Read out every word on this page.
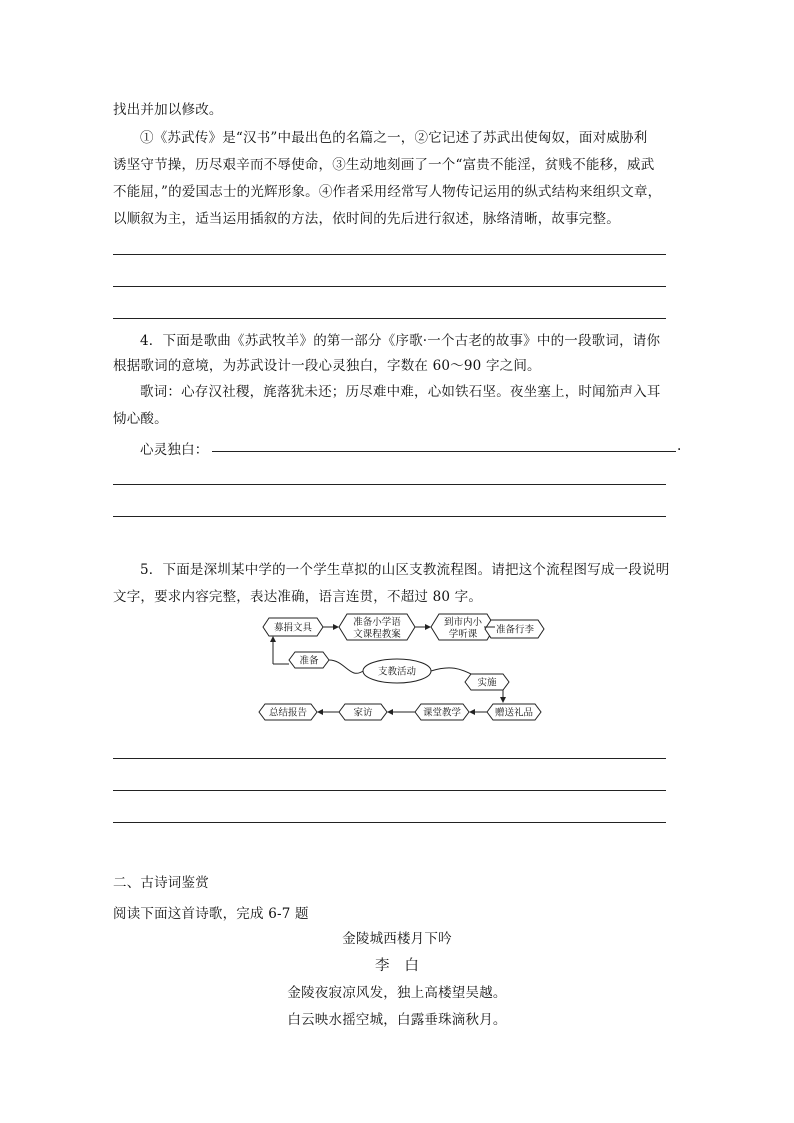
找出并加以修改。
①《苏武传》是“汉书”中最出色的名篇之一，②它记述了苏武出使匈奴，面对威胁利
诱坚守节操，历尽艰辛而不辱使命，③生动地刻画了一个“富贵不能淫，贫贱不能移，威武
不能屈，”的爱国志士的光辉形象。④作者采用经常写人物传记运用的纵式结构来组织文章，
以顺叙为主，适当运用插叙的方法，依时间的先后进行叙述，脉络清晰，故事完整。
4．下面是歌曲《苏武牧羊》的第一部分《序歌·一个古老的故事》中的一段歌词，请你
根据歌词的意境，为苏武设计一段心灵独白，字数在 60～90 字之间。
歌词：心存汉社稷，旄落犹未还；历尽难中难，心如铁石坚。夜坐塞上，时闻笳声入耳
恸心酸。
心灵独白：	.
5．下面是深圳某中学的一个学生草拟的山区支教流程图。请把这个流程图写成一段说明
文字，要求内容完整，表达准确，语言连贯，不超过 80 字。
募捐文具	准备小学语
文课程教案
到市内小
学听课 准备行李
准备
支教活动
实施
赠送礼品
课堂教学
家访
总结报告
二、古诗词鉴赏
阅读下面这首诗歌，完成 6-7 题
金陵城西楼月下吟
李　白
金陵夜寂凉风发，独上高楼望吴越。
白云映水摇空城，白露垂珠滴秋月。
